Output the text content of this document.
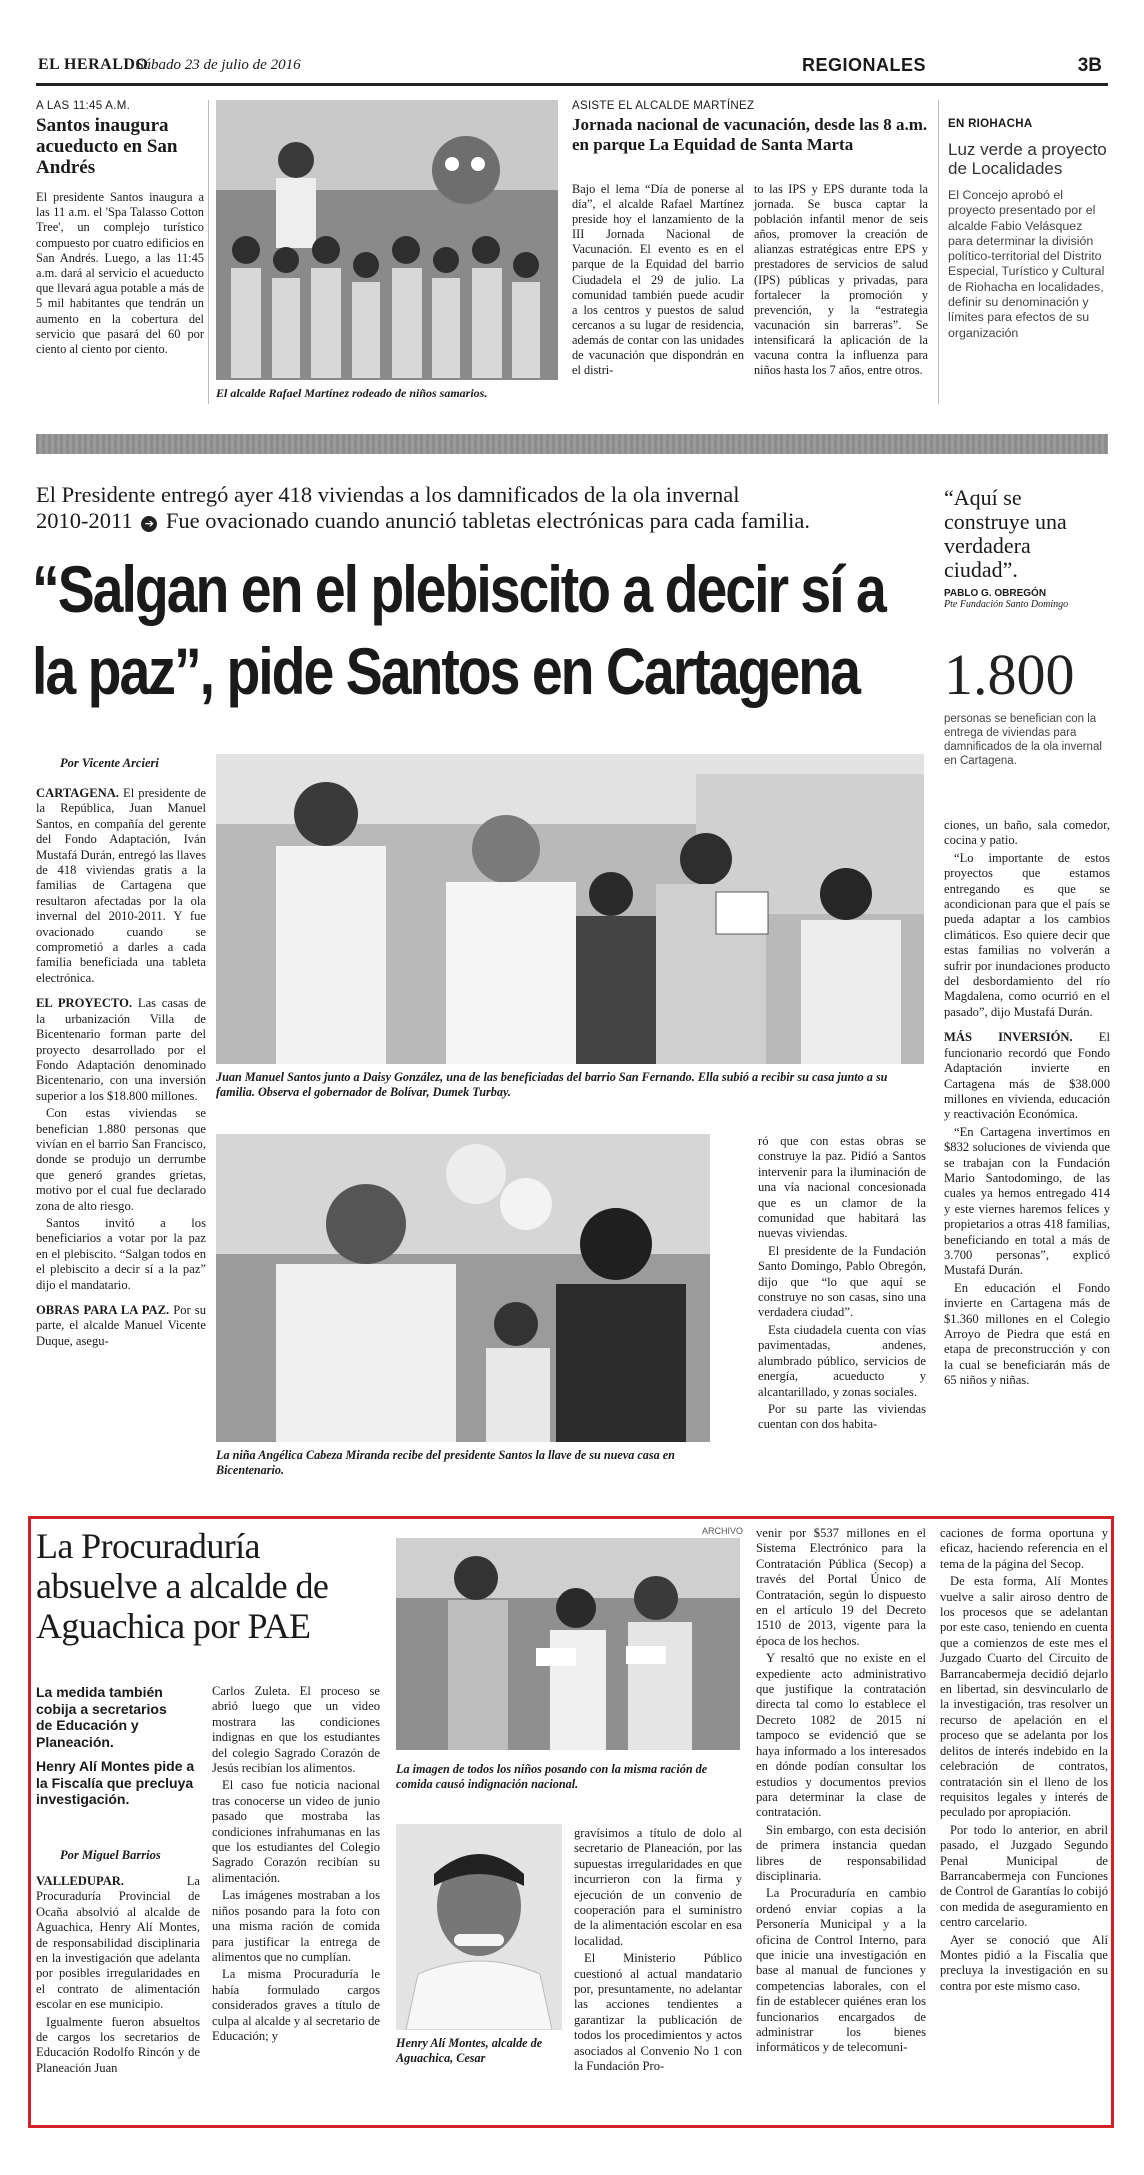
EL HERALDO
Sábado 23 de julio de 2016	REGIONALES	3B
A LAS 11:45 A.M.
Santos inaugura acueducto en San Andrés
El presidente Santos inaugura a las 11 a.m. el 'Spa Talasso Cotton Tree', un complejo turístico compuesto por cuatro edificios en San Andrés. Luego, a las 11:45 a.m. dará al servicio el acueducto que llevará agua potable a más de 5 mil habitantes que tendrán un aumento en la cobertura del servicio que pasará del 60 por ciento al ciento por ciento.
El alcalde Rafael Martínez rodeado de niños samarios.
ASISTE EL ALCALDE MARTÍNEZ
Jornada nacional de vacunación, desde las 8 a.m. en parque La Equidad de Santa Marta
Bajo el lema “Día de ponerse al día”, el alcalde Rafael Martínez preside hoy el lanzamiento de la III Jornada Nacional de Vacunación. El evento es en el parque de la Equidad del barrio Ciudadela el 29 de julio. La comunidad también puede acudir a los centros y puestos de salud cercanos a su lugar de residencia, además de contar con las unidades de vacunación que dispondrán en el distri-
to las IPS y EPS durante toda la jornada. Se busca captar la población infantil menor de seis años, promover la creación de alianzas estratégicas entre EPS y prestadores de servicios de salud (IPS) públicas y privadas, para fortalecer la promoción y prevención, y la “estrategia vacunación sin barreras”. Se intensificará la aplicación de la vacuna contra la influenza para niños hasta los 7 años, entre otros.
EN RIOHACHA
Luz verde a proyecto de Localidades
El Concejo aprobó el proyecto presentado por el alcalde Fabio Velásquez para determinar la división político-territorial del Distrito Especial, Turístico y Cultural de Riohacha en localidades, definir su denominación y límites para efectos de su organización
El Presidente entregó ayer 418 viviendas a los damnificados de la ola invernal
2010-2011 ➔ Fue ovacionado cuando anunció tabletas electrónicas para cada familia.
“Salgan en el plebiscito a decir sí a
la paz”, pide Santos en Cartagena
“Aquí se construye una verdadera ciudad”.
PABLO G. OBREGÓN
Pte Fundación Santo Domingo
1.800
personas se benefician con la entrega de viviendas para damnificados de la ola invernal en Cartagena.
Por Vicente Arcieri

CARTAGENA. El presidente de la República, Juan Manuel Santos, en compañía del gerente del Fondo Adaptación, Iván Mustafá Durán, entregó las llaves de 418 viviendas gratis a la familias de Cartagena que resultaron afectadas por la ola invernal del 2010-2011. Y fue ovacionado cuando se comprometió a darles a cada familia beneficiada una tableta electrónica.

EL PROYECTO. Las casas de la urbanización Villa de Bicentenario forman parte del proyecto desarrollado por el Fondo Adaptación denominado Bicentenario, con una inversión superior a los $18.800 millones.

Con estas viviendas se benefician 1.880 personas que vivían en el barrio San Francisco, donde se produjo un derrumbe que generó grandes grietas, motivo por el cual fue declarado zona de alto riesgo.

Santos invitó a los beneficiarios a votar por la paz en el plebiscito. “Salgan todos en el plebiscito a decir sí a la paz” dijo el mandatario.

OBRAS PARA LA PAZ. Por su parte, el alcalde Manuel Vicente Duque, asegu-

Juan Manuel Santos junto a Daisy González, una de las beneficiadas del barrio San Fernando. Ella subió a recibir su casa junto a su familia. Observa el gobernador de Bolívar, Dumek Turbay.
La niña Angélica Cabeza Miranda recibe del presidente Santos la llave de su nueva casa en Bicentenario.

ró que con estas obras se construye la paz. Pidió a Santos intervenir para la iluminación de una vía nacional concesionada que es un clamor de la comunidad que habitará las nuevas viviendas.

El presidente de la Fundación Santo Domingo, Pablo Obregón, dijo que “lo que aquí se construye no son casas, sino una verdadera ciudad”.

Esta ciudadela cuenta con vías pavimentadas, andenes, alumbrado público, servicios de energía, acueducto y alcantarillado, y zonas sociales.

Por su parte las viviendas cuentan con dos habita-

ciones, un baño, sala comedor, cocina y patio.

“Lo importante de estos proyectos que estamos entregando es que se acondicionan para que el país se pueda adaptar a los cambios climáticos. Eso quiere decir que estas familias no volverán a sufrir por inundaciones producto del desbordamiento del río Magdalena, como ocurrió en el pasado”, dijo Mustafá Durán.

MÁS INVERSIÓN. El funcionario recordó que Fondo Adaptación invierte en Cartagena más de $38.000 millones en vivienda, educación y reactivación Económica.

“En Cartagena invertimos en $832 soluciones de vivienda que se trabajan con la Fundación Mario Santodomingo, de las cuales ya hemos entregado 414 y este viernes haremos felices y propietarios a otras 418 familias, beneficiando en total a más de 3.700 personas”, explicó Mustafá Durán.

En educación el Fondo invierte en Cartagena más de $1.360 millones en el Colegio Arroyo de Piedra que está en etapa de preconstrucción y con la cual se beneficiarán más de 65 niños y niñas.

La Procuraduría absuelve a alcalde de Aguachica por PAE
La medida también cobija a secretarios de Educación y Planeación.
Henry Alí Montes pide a la Fiscalía que precluya investigación.
Por Miguel Barrios

VALLEDUPAR.	La Procuraduría Provincial de Ocaña absolvió al alcalde de Aguachica, Henry Alí Montes, de responsabilidad disciplinaria en la investigación que adelanta por posibles irregularidades en el contrato de alimentación escolar en ese municipio.

Igualmente fueron absueltos de cargos los secretarios de Educación Rodolfo Rincón y de Planeación Juan

Carlos Zuleta. El proceso se abrió luego que un video mostrara las condiciones indignas en que los estudiantes del colegio Sagrado Corazón de Jesús recibían los alimentos.

El caso fue noticia nacional tras conocerse un video de junio pasado que mostraba las condiciones infrahumanas en las que los estudiantes del Colegio Sagrado Corazón recibían su alimentación.

Las imágenes mostraban a los niños posando para la foto con una misma ración de comida para justificar la entrega de alimentos que no cumplían.

La misma Procuraduría le había formulado cargos considerados graves a título de culpa al alcalde y al secretario de Educación; y

ARCHIVO
La imagen de todos los niños posando con la misma ración de comida causó indignación nacional.
Henry Alí Montes, alcalde de Aguachica, Cesar

gravísimos a título de dolo al secretario de Planeación, por las supuestas irregularidades en que incurrieron con la firma y ejecución de un convenio de cooperación para el suministro de la alimentación escolar en esa localidad.

El Ministerio Público cuestionó al actual mandatario por, presuntamente, no adelantar las acciones tendientes a garantizar la publicación de todos los procedimientos y actos asociados al Convenio No 1 con la Fundación Pro-

venir por $537 millones en el Sistema Electrónico para la Contratación Pública (Secop) a través del Portal Único de Contratación, según lo dispuesto en el artículo 19 del Decreto 1510 de 2013, vigente para la época de los hechos.

Y resaltó que no existe en el expediente acto administrativo que justifique la contratación directa tal como lo establece el Decreto 1082 de 2015 ni tampoco se evidenció que se haya informado a los interesados en dónde podían consultar los estudios y documentos previos para determinar la clase de contratación.

Sin embargo, con esta decisión de primera instancia quedan libres de responsabilidad disciplinaria.

La Procuraduría en cambio ordenó enviar copias a la Personería Municipal y a la oficina de Control Interno, para que inicie una investigación en base al manual de funciones y competencias laborales, con el fin de establecer quiénes eran los funcionarios encargados de administrar los bienes informáticos y de telecomuni-

caciones de forma oportuna y eficaz, haciendo referencia en el tema de la página del Secop.

De esta forma, Alí Montes vuelve a salir airoso dentro de los procesos que se adelantan por este caso, teniendo en cuenta que a comienzos de este mes el Juzgado Cuarto del Circuito de Barrancabermeja decidió dejarlo en libertad, sin desvincularlo de la investigación, tras resolver un recurso de apelación en el proceso que se adelanta por los delitos de interés indebido en la celebración de contratos, contratación sin el lleno de los requisitos legales y interés de peculado por apropiación.

Por todo lo anterior, en abril pasado, el Juzgado Segundo Penal Municipal de Barrancabermeja con Funciones de Control de Garantías lo cobijó con medida de aseguramiento en centro carcelario.

Ayer se conoció que Alí Montes pidió a la Fiscalía que precluya la investigación en su contra por este mismo caso.
